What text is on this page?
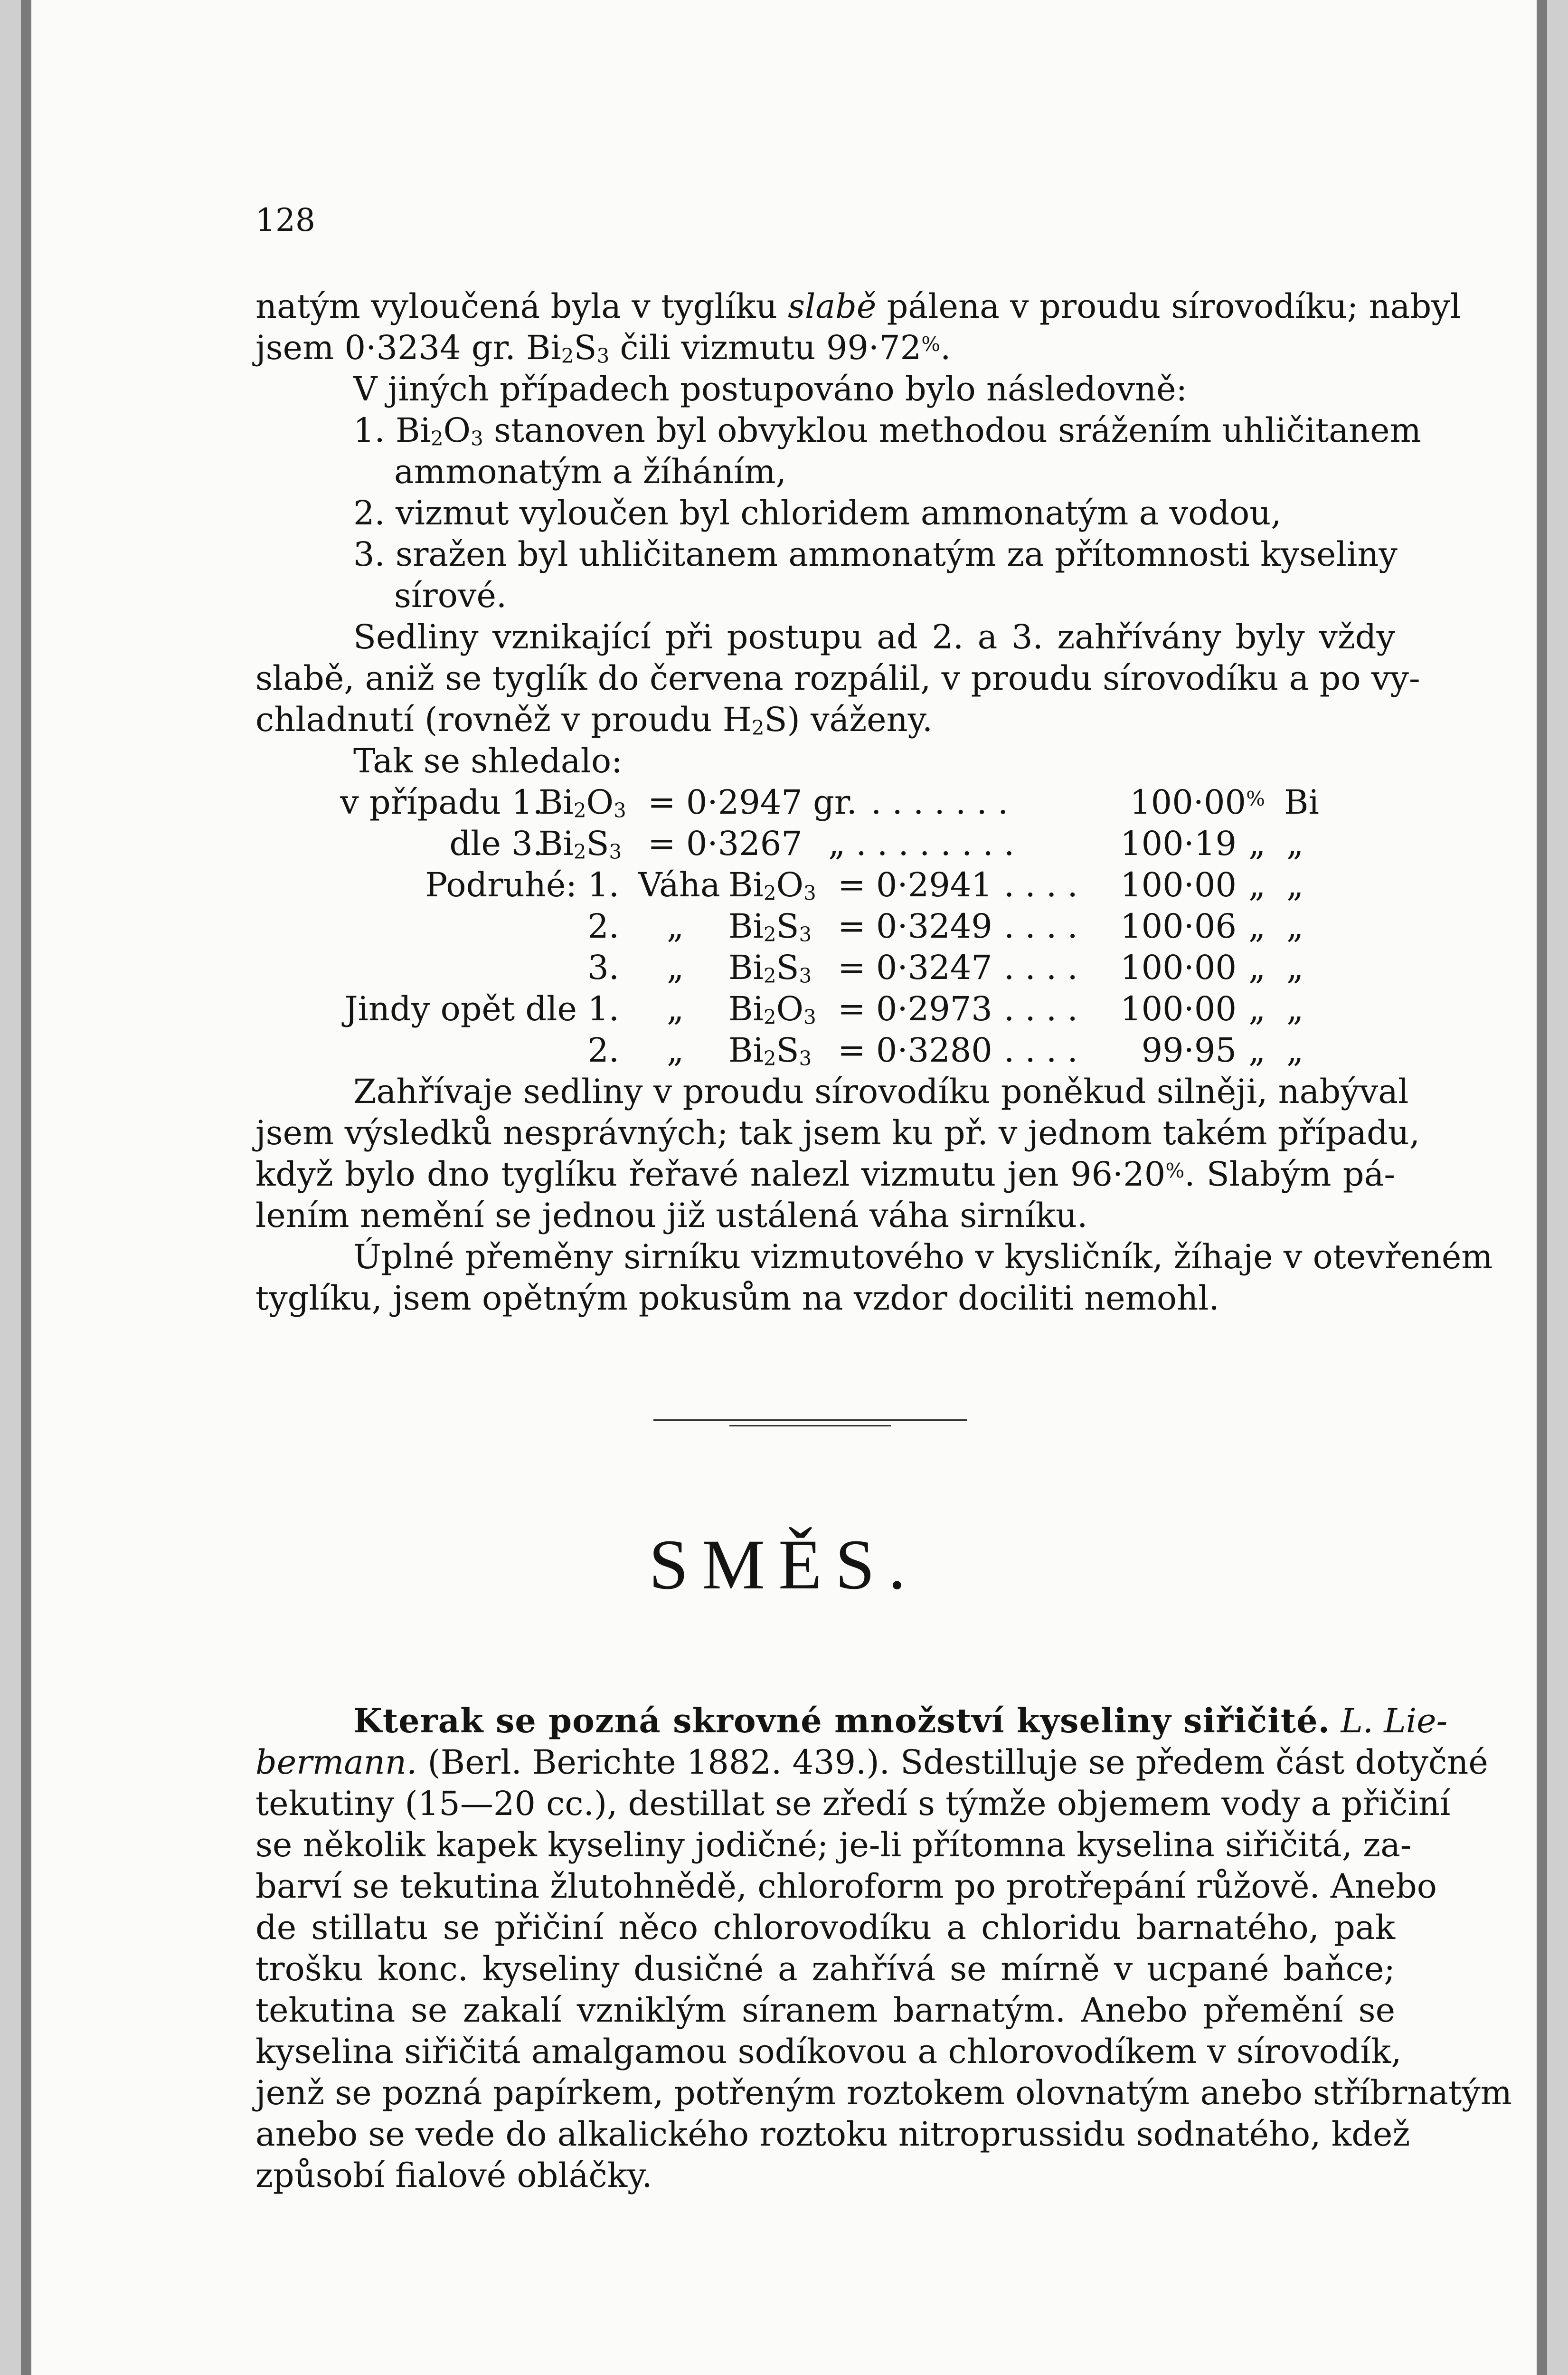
128
natým vyloučená byla v tyglíku slabě pálena v proudu sírovodíku; nabyl
jsem 0·3234 gr. $Bi_2S_3$ čili vizmutu 99·72%.
V jiných případech postupováno bylo následovně:
1. $Bi_2O_3$ stanoven byl obvyklou methodou srážením uhličitanem
ammonatým a žíháním,
2. vizmut vyloučen byl chloridem ammonatým a vodou,
3. sražen byl uhličitanem ammonatým za přítomnosti kyseliny
sírové.
Sedliny vznikající při postupu ad 2. a 3. zahřívány byly vždy
slabě, aniž se tyglík do červena rozpálil, v proudu sírovodíku a po vy-
chladnutí (rovněž v proudu $H_2S$) váženy.
Tak se shledalo:
v případu 1.
$Bi_2O_3 = 0\cdot 2947$ gr. . . . . . . .	100·00% Bi
dle 3.
$Bi_2S_3 = 0\cdot 3267$ „ . . . . . . . .	100·19 „ „
Podruhé: 1. Váha $Bi_2O_3 = 0\cdot 2941$ . . . . 100·00 „ „
2. „ $Bi_2S_3 = 0\cdot 3249$ . . . . 100·06 „ „
3. „ $Bi_2S_3 = 0\cdot 3247$ . . . . 100·00 „ „
Jindy opět dle 1. „ $Bi_2O_3 = 0\cdot 2973$ . . . . 100·00 „ „
2. „ $Bi_2S_3 = 0\cdot 3280$ . . . . 99·95 „ „
Zahřívaje sedliny v proudu sírovodíku poněkud silněji, nabýval
jsem výsledků nesprávných; tak jsem ku př. v jednom takém případu,
když bylo dno tyglíku řeřavé nalezl vizmutu jen 96·20%. Slabým pá-
lením nemění se jednou již ustálená váha sirníku.
Úplné přeměny sirníku vizmutového v kysličník, žíhaje v otevřeném
tyglíku, jsem opětným pokusům na vzdor dociliti nemohl.
SMĚS.
Kterak se pozná skrovné množství kyseliny siřičité. L. Lie-
bermann. (Berl. Berichte 1882. 439.). Sdestilluje se předem část dotyčné
tekutiny (15—20 cc.), destillat se zředí s týmže objemem vody a přičiní
se několik kapek kyseliny jodičné; je-li přítomna kyselina siřičitá, za-
barví se tekutina žlutohnědě, chloroform po protřepání růžově. Anebo
de stillatu se přičiní něco chlorovodíku a chloridu barnatého, pak
trošku konc. kyseliny dusičné a zahřívá se mírně v ucpané baňce;
tekutina se zakalí vzniklým síranem barnatým. Anebo přemění se
kyselina siřičitá amalgamou sodíkovou a chlorovodíkem v sírovodík,
jenž se pozná papírkem, potřeným roztokem olovnatým anebo stříbrnatým
anebo se vede do alkalického roztoku nitroprussidu sodnatého, kdež
způsobí fialové obláčky.
